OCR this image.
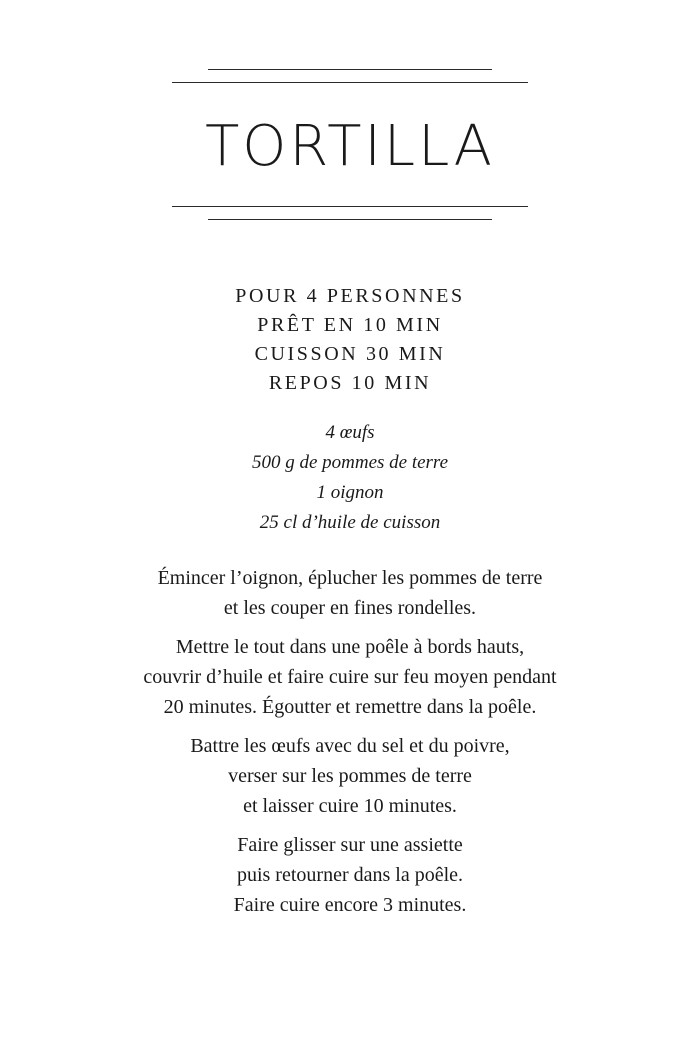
TORTILLA
POUR 4 PERSONNES
PRÊT EN 10 MIN
CUISSON 30 MIN
REPOS 10 MIN
4 œufs
500 g de pommes de terre
1 oignon
25 cl d’huile de cuisson
Émincer l’oignon, éplucher les pommes de terre
et les couper en fines rondelles.
Mettre le tout dans une poêle à bords hauts,
couvrir d’huile et faire cuire sur feu moyen pendant
20 minutes. Égoutter et remettre dans la poêle.
Battre les œufs avec du sel et du poivre,
verser sur les pommes de terre
et laisser cuire 10 minutes.
Faire glisser sur une assiette
puis retourner dans la poêle.
Faire cuire encore 3 minutes.
